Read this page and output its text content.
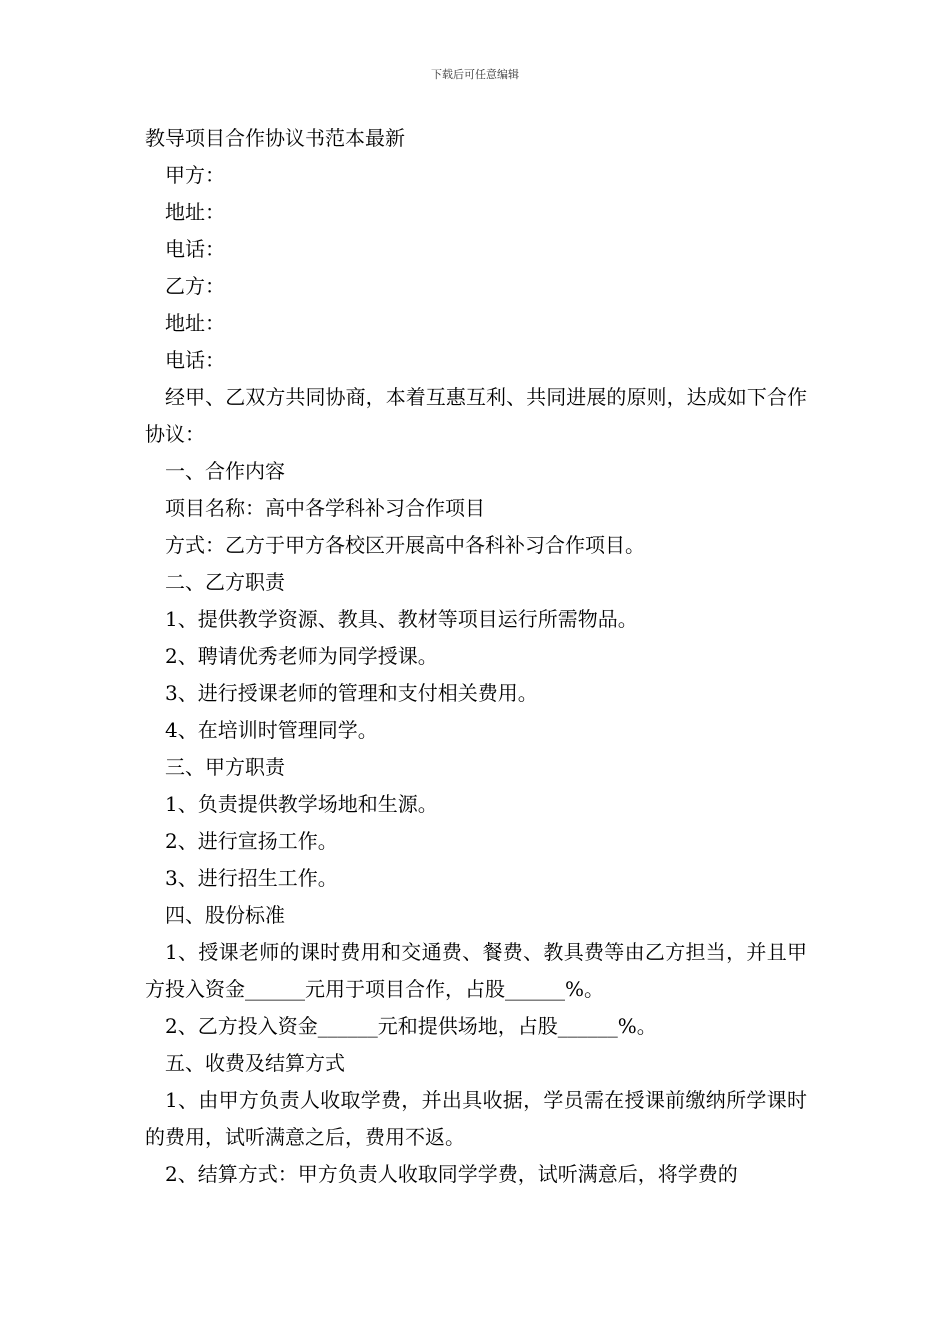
下载后可任意编辑
教导项目合作协议书范本最新

甲方：

地址：

电话：

乙方：

地址：

电话：

经甲、乙双方共同协商，本着互惠互利、共同进展的原则，达成如下合作协议：

一、合作内容

项目名称：高中各学科补习合作项目

方式：乙方于甲方各校区开展高中各科补习合作项目。

二、乙方职责

1、提供教学资源、教具、教材等项目运行所需物品。

2、聘请优秀老师为同学授课。

3、进行授课老师的管理和支付相关费用。

4、在培训时管理同学。

三、甲方职责

1、负责提供教学场地和生源。

2、进行宣扬工作。

3、进行招生工作。

四、股份标准

1、授课老师的课时费用和交通费、餐费、教具费等由乙方担当，并且甲方投入资金______元用于项目合作，占股______%。

2、乙方投入资金______元和提供场地，占股______%。

五、收费及结算方式

1、由甲方负责人收取学费，并出具收据，学员需在授课前缴纳所学课时的费用，试听满意之后，费用不返。

2、结算方式：甲方负责人收取同学学费，试听满意后，将学费的
